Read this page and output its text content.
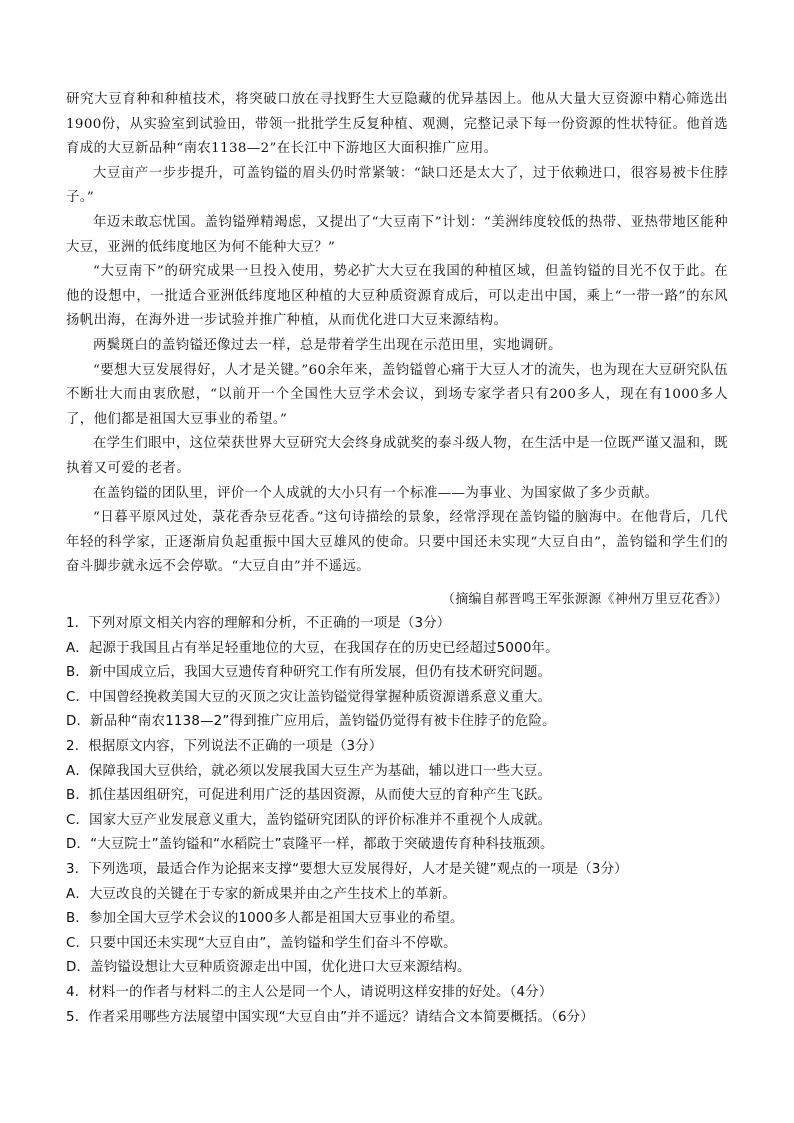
研究大豆育种和种植技术，将突破口放在寻找野生大豆隐藏的优异基因上。他从大量大豆资源中精心筛选出1900份，从实验室到试验田，带领一批批学生反复种植、观测，完整记录下每一份资源的性状特征。他首选育成的大豆新品种“南农1138—2”在长江中下游地区大面积推广应用。

大豆亩产一步步提升，可盖钧镒的眉头仍时常紧皱：“缺口还是太大了，过于依赖进口，很容易被卡住脖子。”

年迈未敢忘忧国。盖钧镒殚精竭虑，又提出了“大豆南下”计划：“美洲纬度较低的热带、亚热带地区能种大豆，亚洲的低纬度地区为何不能种大豆？”

“大豆南下”的研究成果一旦投入使用，势必扩大大豆在我国的种植区域，但盖钧镒的目光不仅于此。在他的设想中，一批适合亚洲低纬度地区种植的大豆种质资源育成后，可以走出中国，乘上“一带一路”的东风扬帆出海，在海外进一步试验并推广种植，从而优化进口大豆来源结构。

两鬓斑白的盖钧镒还像过去一样，总是带着学生出现在示范田里，实地调研。

“要想大豆发展得好，人才是关键。”60余年来，盖钧镒曾心痛于大豆人才的流失，也为现在大豆研究队伍不断壮大而由衷欣慰，“以前开一个全国性大豆学术会议，到场专家学者只有200多人，现在有1000多人了，他们都是祖国大豆事业的希望。”

在学生们眼中，这位荣获世界大豆研究大会终身成就奖的泰斗级人物，在生活中是一位既严谨又温和，既执着又可爱的老者。

在盖钧镒的团队里，评价一个人成就的大小只有一个标准——为事业、为国家做了多少贡献。

“日暮平原风过处，菉花香杂豆花香。”这句诗描绘的景象，经常浮现在盖钧镒的脑海中。在他背后，几代年轻的科学家，正逐渐肩负起重振中国大豆雄风的使命。只要中国还未实现“大豆自由”，盖钧镒和学生们的奋斗脚步就永远不会停歇。“大豆自由”并不遥远。

（摘编自郝晋鸣王军张源源《神州万里豆花香》）
1．下列对原文相关内容的理解和分析，不正确的一项是（3分）
A．起源于我国且占有举足轻重地位的大豆，在我国存在的历史已经超过5000年。
B．新中国成立后，我国大豆遗传育种研究工作有所发展，但仍有技术研究问题。
C．中国曾经挽救美国大豆的灭顶之灾让盖钧镒觉得掌握种质资源谱系意义重大。
D．新品种“南农1138—2”得到推广应用后，盖钧镒仍觉得有被卡住脖子的危险。
2．根据原文内容，下列说法不正确的一项是（3分）
A．保障我国大豆供给，就必须以发展我国大豆生产为基础，辅以进口一些大豆。
B．抓住基因组研究，可促进利用广泛的基因资源，从而使大豆的育种产生飞跃。
C．国家大豆产业发展意义重大，盖钧镒研究团队的评价标准并不重视个人成就。
D．“大豆院士”盖钧镒和“水稻院士”袁隆平一样，都敢于突破遗传育种科技瓶颈。
3．下列选项，最适合作为论据来支撑“要想大豆发展得好，人才是关键”观点的一项是（3分）
A．大豆改良的关键在于专家的新成果并由之产生技术上的革新。
B．参加全国大豆学术会议的1000多人都是祖国大豆事业的希望。
C．只要中国还未实现“大豆自由”，盖钧镒和学生们奋斗不停歇。
D．盖钧镒设想让大豆种质资源走出中国，优化进口大豆来源结构。
4．材料一的作者与材料二的主人公是同一个人，请说明这样安排的好处。（4分）
5．作者采用哪些方法展望中国实现“大豆自由”并不遥远？请结合文本简要概括。（6分）
